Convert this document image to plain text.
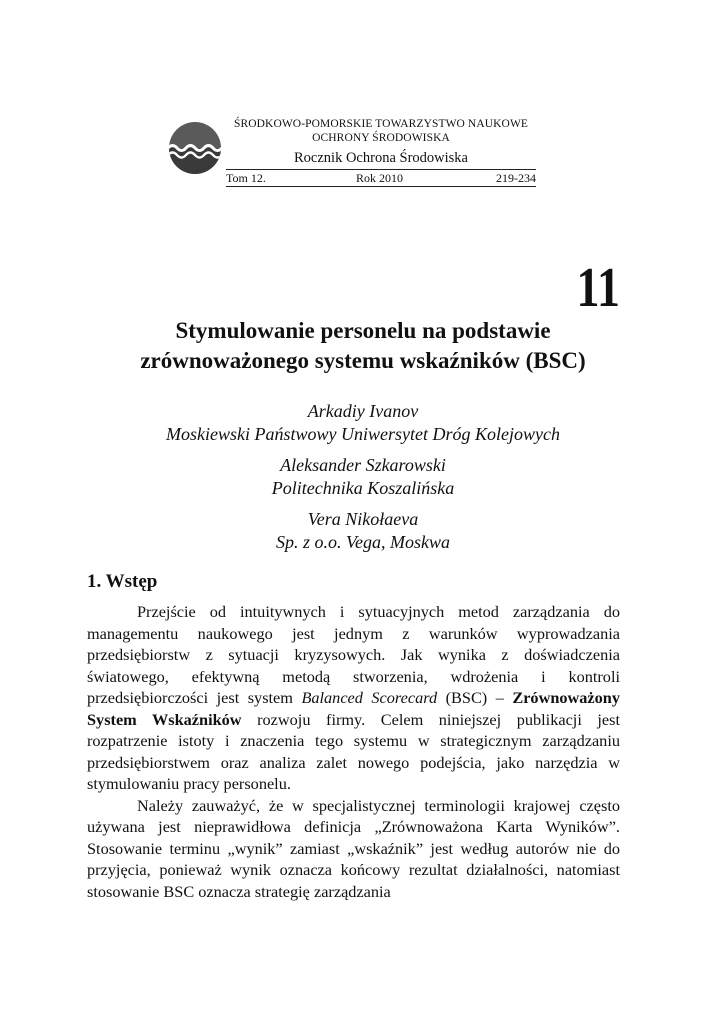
ŚRODKOWO-POMORSKIE TOWARZYSTWO NAUKOWE
OCHRONY ŚRODOWISKA
Rocznik Ochrona Środowiska
Tom 12.	Rok 2010	219-234
11
Stymulowanie personelu na podstawie
zrównoważonego systemu wskaźników (BSC)
Arkadiy Ivanov
Moskiewski Państwowy Uniwersytet Dróg Kolejowych
Aleksander Szkarowski
Politechnika Koszalińska
Vera Nikołaeva
Sp. z o.o. Vega, Moskwa
1. Wstęp

Przejście od intuitywnych i sytuacyjnych metod zarządzania do managementu naukowego jest jednym z warunków wyprowadzania przedsiębiorstw z sytuacji kryzysowych. Jak wynika z doświadczenia światowego, efektywną metodą stworzenia, wdrożenia i kontroli przedsiębiorczości jest system Balanced Scorecard (BSC) – Zrównoważony System Wskaźników rozwoju firmy. Celem niniejszej publikacji jest rozpatrzenie istoty i znaczenia tego systemu w strategicznym zarządzaniu przedsiębiorstwem oraz analiza zalet nowego podejścia, jako narzędzia w stymulowaniu pracy personelu.

Należy zauważyć, że w specjalistycznej terminologii krajowej często używana jest nieprawidłowa definicja „Zrównoważona Karta Wyników”. Stosowanie terminu „wynik” zamiast „wskaźnik” jest według autorów nie do przyjęcia, ponieważ wynik oznacza końcowy rezultat działalności, natomiast stosowanie BSC oznacza strategię zarządzania
